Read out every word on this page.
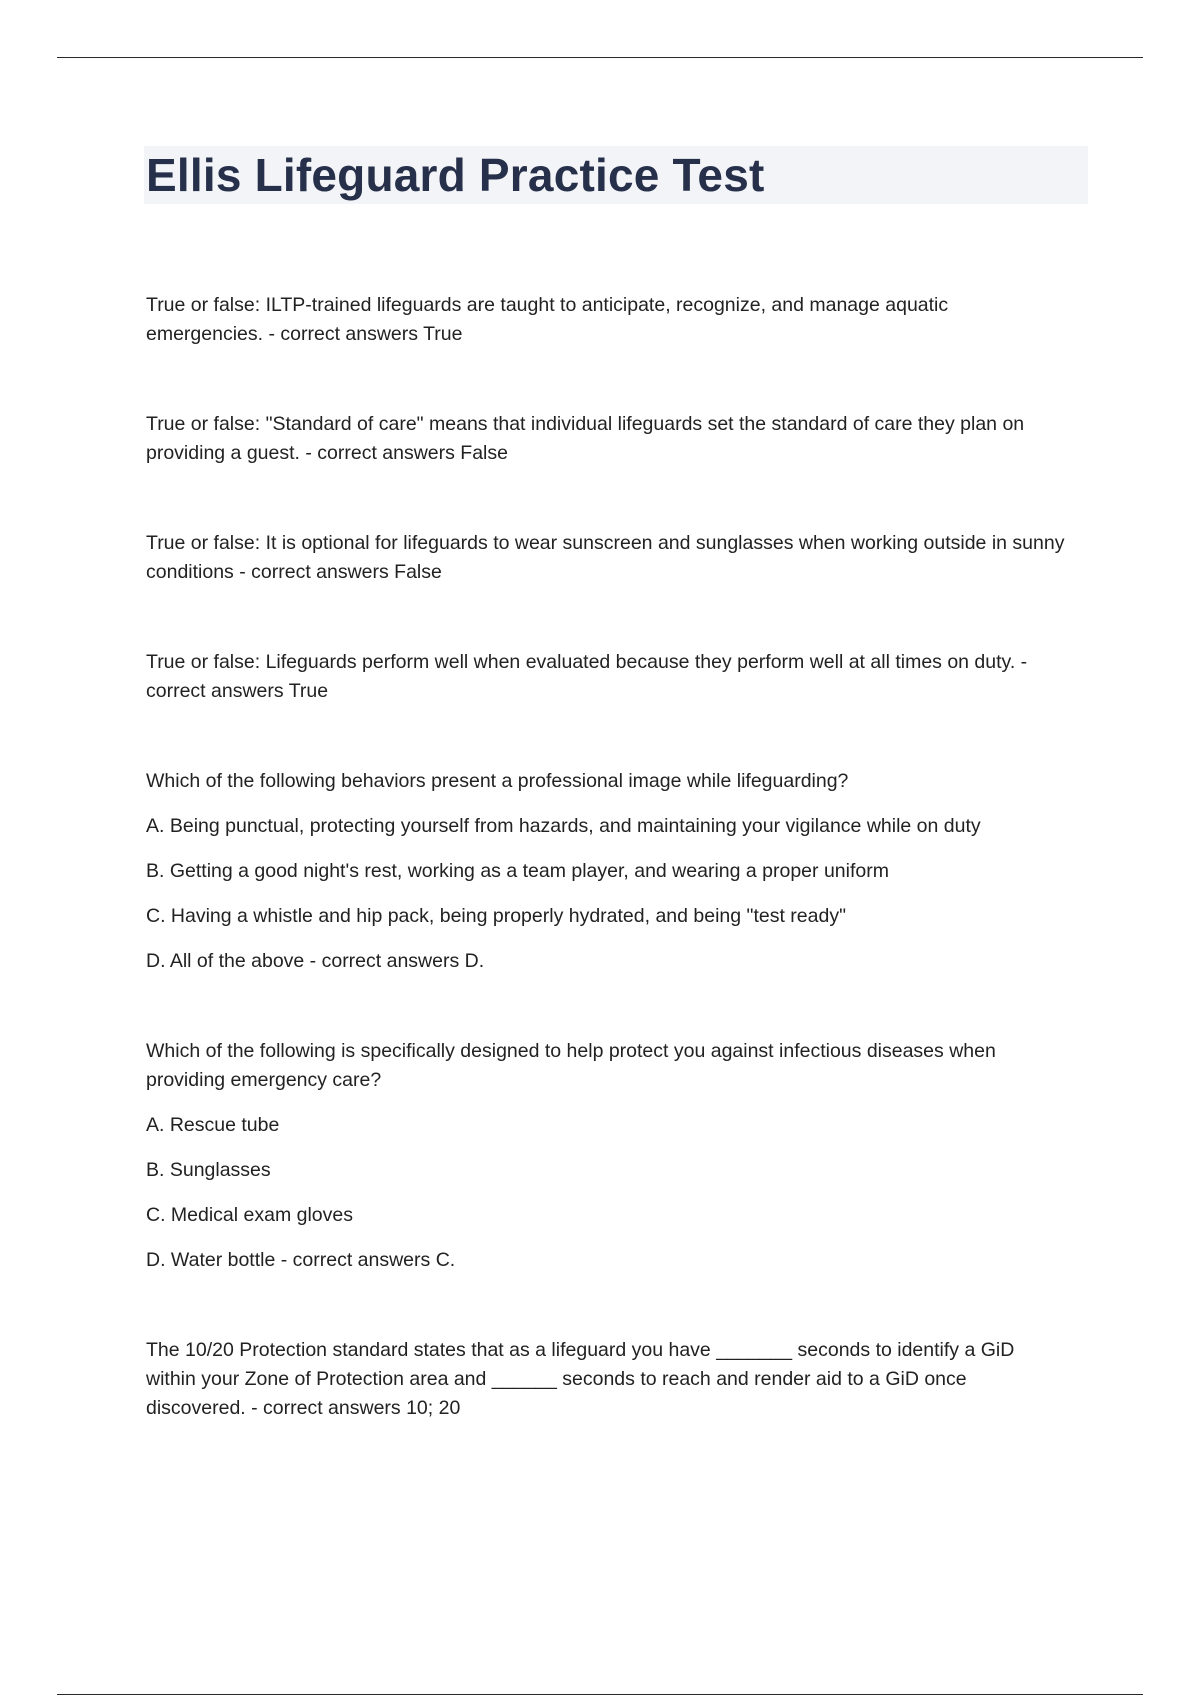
Ellis Lifeguard Practice Test

True or false: ILTP-trained lifeguards are taught to anticipate, recognize, and manage aquatic emergencies. - correct answers True

True or false: "Standard of care" means that individual lifeguards set the standard of care they plan on providing a guest. - correct answers False

True or false: It is optional for lifeguards to wear sunscreen and sunglasses when working outside in sunny conditions - correct answers False

True or false: Lifeguards perform well when evaluated because they perform well at all times on duty. - correct answers True

Which of the following behaviors present a professional image while lifeguarding?

A. Being punctual, protecting yourself from hazards, and maintaining your vigilance while on duty

B. Getting a good night's rest, working as a team player, and wearing a proper uniform

C. Having a whistle and hip pack, being properly hydrated, and being "test ready"

D. All of the above - correct answers D.

Which of the following is specifically designed to help protect you against infectious diseases when providing emergency care?

A. Rescue tube

B. Sunglasses

C. Medical exam gloves

D. Water bottle - correct answers C.

The 10/20 Protection standard states that as a lifeguard you have _______ seconds to identify a GiD within your Zone of Protection area and ______ seconds to reach and render aid to a GiD once discovered. - correct answers 10; 20
